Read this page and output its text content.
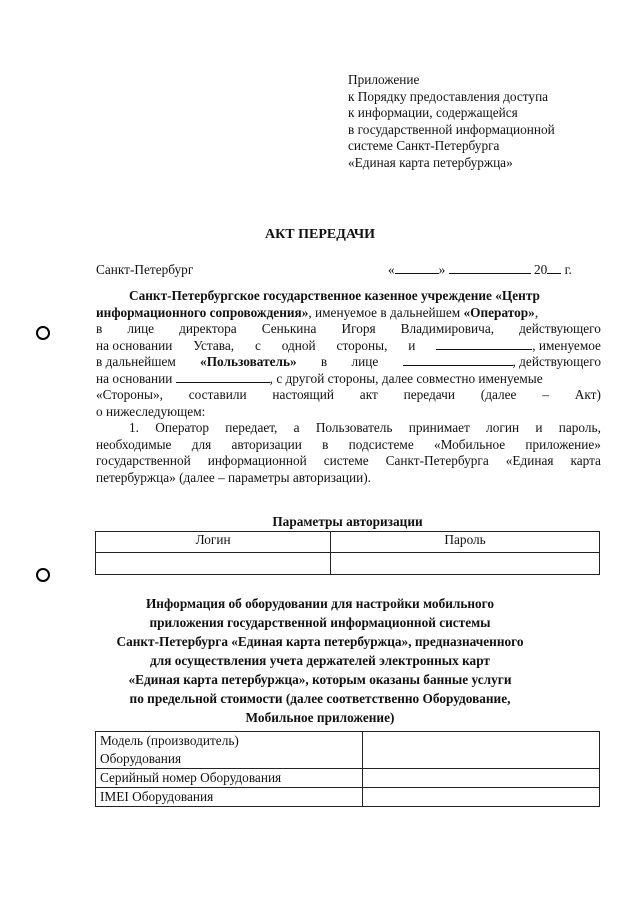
Приложение
к Порядку предоставления доступа
к информации, содержащейся
в государственной информационной
системе Санкт-Петербурга
«Единая карта петербуржца»
АКТ ПЕРЕДАЧИ
Санкт-Петербург	«	»	20 г.
Санкт-Петербургское государственное казенное учреждение «Центр
информационного сопровождения», именуемое в дальнейшем «Оператор»,
в лице директора Сенькина Игоря Владимировича, действующего
на основании Устава, с одной стороны, и	, именуемое
в дальнейшем «Пользователь» в лице	, действующего
на основании	, с другой стороны, далее совместно именуемые
«Стороны», составили настоящий акт передачи (далее – Акт)
о нижеследующем:
1. Оператор передает, а Пользователь принимает логин и пароль,
необходимые для авторизации в подсистеме «Мобильное приложение»
государственной информационной системе Санкт-Петербурга «Единая карта
петербуржца» (далее – параметры авторизации).
Параметры авторизации
Логин	Пароль

Информация об оборудовании для настройки мобильного
приложения государственной информационной системы
Санкт-Петербурга «Единая карта петербуржца», предназначенного
для осуществления учета держателей электронных карт
«Единая карта петербуржца», которым оказаны банные услуги
по предельной стоимости (далее соответственно Оборудование,
Мобильное приложение)
Модель (производитель)
Оборудования	

Серийный номер Оборудования	
IMEI Оборудования	
